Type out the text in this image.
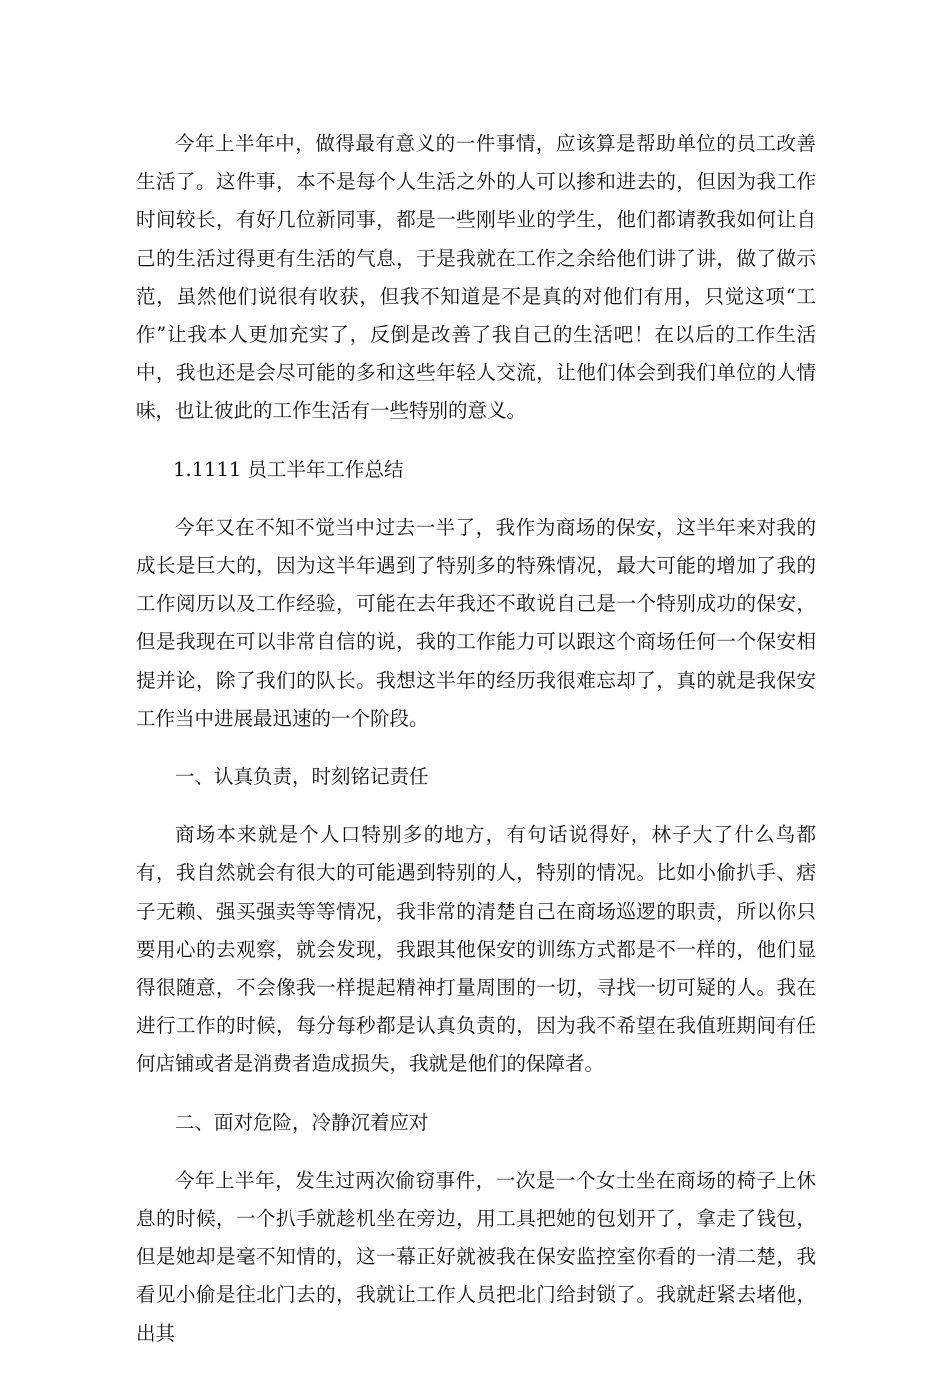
今年上半年中，做得最有意义的一件事情，应该算是帮助单位的员工改善生活了。这件事，本不是每个人生活之外的人可以掺和进去的，但因为我工作时间较长，有好几位新同事，都是一些刚毕业的学生，他们都请教我如何让自己的生活过得更有生活的气息，于是我就在工作之余给他们讲了讲，做了做示范，虽然他们说很有收获，但我不知道是不是真的对他们有用，只觉这项“工作”让我本人更加充实了，反倒是改善了我自己的生活吧！在以后的工作生活中，我也还是会尽可能的多和这些年轻人交流，让他们体会到我们单位的人情味，也让彼此的工作生活有一些特别的意义。

1.1111 员工半年工作总结

今年又在不知不觉当中过去一半了，我作为商场的保安，这半年来对我的成长是巨大的，因为这半年遇到了特别多的特殊情况，最大可能的增加了我的工作阅历以及工作经验，可能在去年我还不敢说自己是一个特别成功的保安，但是我现在可以非常自信的说，我的工作能力可以跟这个商场任何一个保安相提并论，除了我们的队长。我想这半年的经历我很难忘却了，真的就是我保安工作当中进展最迅速的一个阶段。

一、认真负责，时刻铭记责任

商场本来就是个人口特别多的地方，有句话说得好，林子大了什么鸟都有，我自然就会有很大的可能遇到特别的人，特别的情况。比如小偷扒手、痞子无赖、强买强卖等等情况，我非常的清楚自己在商场巡逻的职责，所以你只要用心的去观察，就会发现，我跟其他保安的训练方式都是不一样的，他们显得很随意，不会像我一样提起精神打量周围的一切，寻找一切可疑的人。我在进行工作的时候，每分每秒都是认真负责的，因为我不希望在我值班期间有任何店铺或者是消费者造成损失，我就是他们的保障者。

二、面对危险，冷静沉着应对

今年上半年，发生过两次偷窃事件，一次是一个女士坐在商场的椅子上休息的时候，一个扒手就趁机坐在旁边，用工具把她的包划开了，拿走了钱包，但是她却是毫不知情的，这一幕正好就被我在保安监控室你看的一清二楚，我看见小偷是往北门去的，我就让工作人员把北门给封锁了。我就赶紧去堵他，出其
